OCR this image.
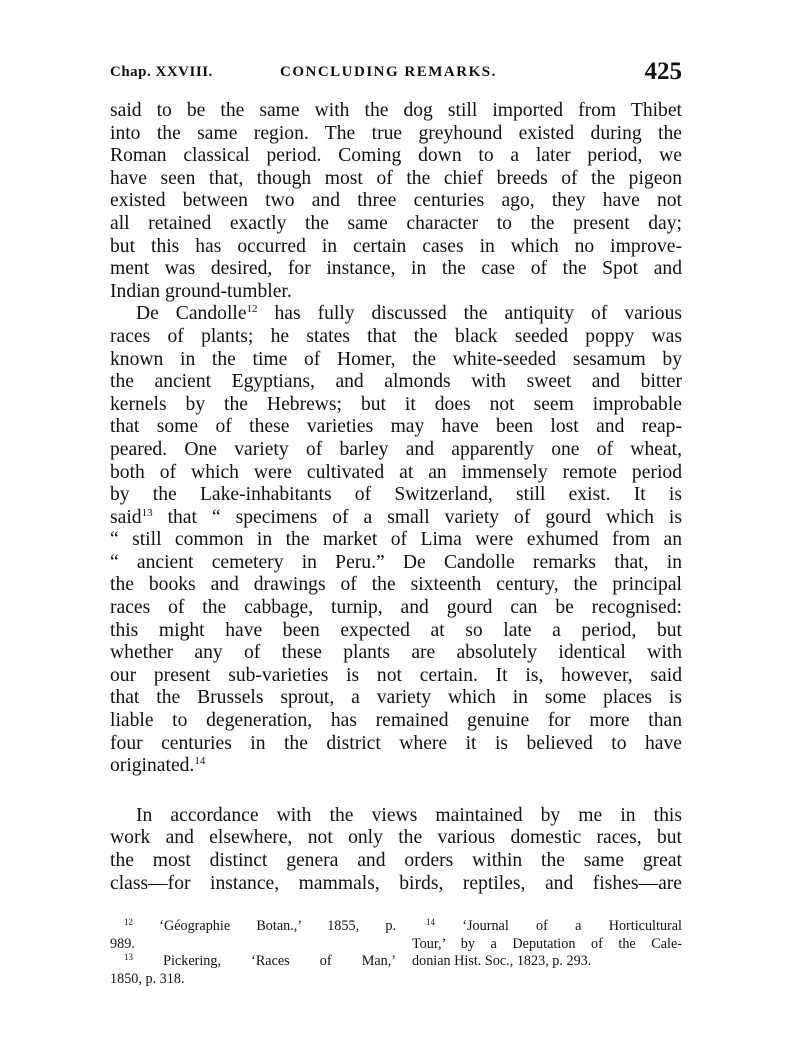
Chap. XXVIII.	CONCLUDING REMARKS.	425
said to be the same with the dog still imported from Thibet
into the same region. The true greyhound existed during the
Roman classical period. Coming down to a later period, we
have seen that, though most of the chief breeds of the pigeon
existed between two and three centuries ago, they have not
all retained exactly the same character to the present day;
but this has occurred in certain cases in which no improve-
ment was desired, for instance, in the case of the Spot and
Indian ground-tumbler.
De Candolle$^{12}$ has fully discussed the antiquity of various
races of plants; he states that the black seeded poppy was
known in the time of Homer, the white-seeded sesamum by
the ancient Egyptians, and almonds with sweet and bitter
kernels by the Hebrews; but it does not seem improbable
that some of these varieties may have been lost and reap-
peared. One variety of barley and apparently one of wheat,
both of which were cultivated at an immensely remote period
by the Lake-inhabitants of Switzerland, still exist. It is
said$^{13}$ that “ specimens of a small variety of gourd which is
“ still common in the market of Lima were exhumed from an
“ ancient cemetery in Peru.” De Candolle remarks that, in
the books and drawings of the sixteenth century, the principal
races of the cabbage, turnip, and gourd can be recognised:
this might have been expected at so late a period, but
whether any of these plants are absolutely identical with
our present sub-varieties is not certain. It is, however, said
that the Brussels sprout, a variety which in some places is
liable to degeneration, has remained genuine for more than
four centuries in the district where it is believed to have
originated.$^{14}$
In accordance with the views maintained by me in this
work and elsewhere, not only the various domestic races, but
the most distinct genera and orders within the same great
class—for instance, mammals, birds, reptiles, and fishes—are
$^{12}$ ‘Géographie Botan.,’ 1855, p.
989.
$^{13}$ Pickering, ‘Races of Man,’
1850, p. 318.
$^{14}$ ‘Journal of a Horticultural
Tour,’ by a Deputation of the Cale-
donian Hist. Soc., 1823, p. 293.
